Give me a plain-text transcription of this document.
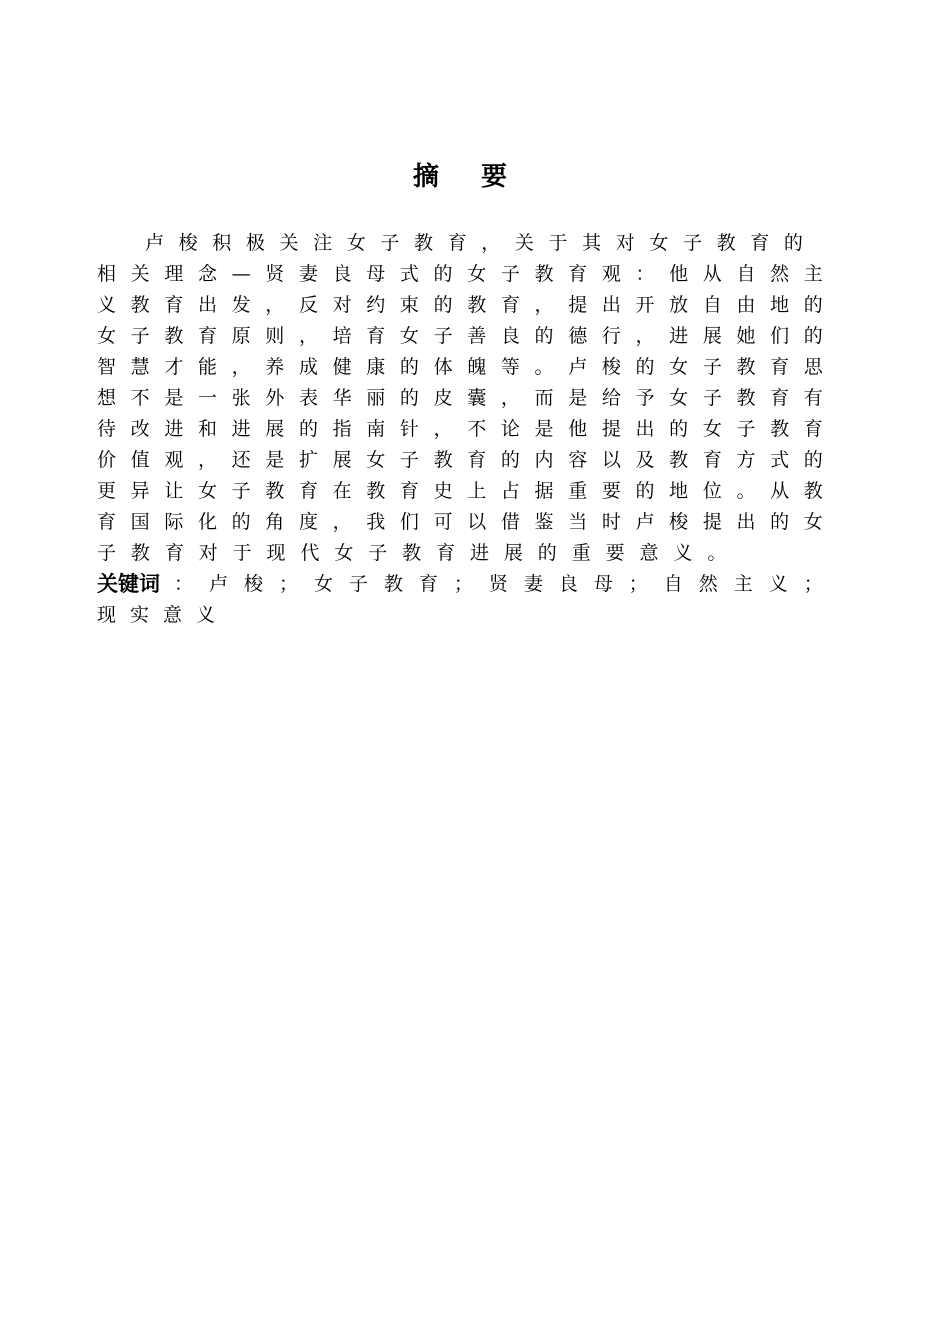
摘 要
卢 梭 积 极 关 注 女 子 教 育 ， 关 于 其 对 女 子 教 育 的
相 关 理 念 — 贤 妻 良 母 式 的 女 子 教 育 观 ： 他 从 自 然 主
义 教 育 出 发 ， 反 对 约 束 的 教 育 ， 提 出 开 放 自 由 地 的
女 子 教 育 原 则 ， 培 育 女 子 善 良 的 德 行 ， 进 展 她 们 的
智 慧 才 能 ， 养 成 健 康 的 体 魄 等 。 卢 梭 的 女 子 教 育 思
想 不 是 一 张 外 表 华 丽 的 皮 囊 ， 而 是 给 予 女 子 教 育 有
待 改 进 和 进 展 的 指 南 针 ， 不 论 是 他 提 出 的 女 子 教 育
价 值 观 ， 还 是 扩 展 女 子 教 育 的 内 容 以 及 教 育 方 式 的
更 异 让 女 子 教 育 在 教 育 史 上 占 据 重 要 的 地 位 。 从 教
育 国 际 化 的 角 度 ， 我 们 可 以 借 鉴 当 时 卢 梭 提 出 的 女
子 教 育 对 于 现 代 女 子 教 育 进 展 的 重 要 意 义 。
关键词 ： 卢 梭 ； 女 子 教 育 ； 贤 妻 良 母 ； 自 然 主 义 ；
现 实 意 义
